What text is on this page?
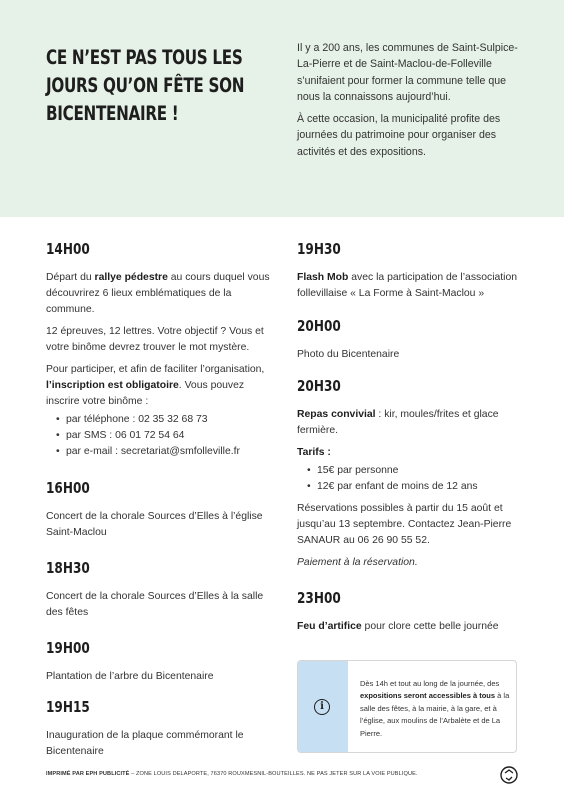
CE N’EST PAS TOUS LES JOURS QU’ON FÊTE SON BICENTENAIRE !

Il y a 200 ans, les communes de Saint-Sulpice-La-Pierre et de Saint-Maclou-de-Folleville s’unifaient pour former la commune telle que nous la connaissons aujourd’hui.

À cette occasion, la municipalité profite des journées du patrimoine pour organiser des activités et des expositions.

14H00

Départ du rallye pédestre au cours duquel vous découvrirez 6 lieux emblématiques de la commune.

12 épreuves, 12 lettres. Votre objectif ? Vous et votre binôme devrez trouver le mot mystère.

Pour participer, et afin de faciliter l’organisation, l’inscription est obligatoire. Vous pouvez inscrire votre binôme :

• par téléphone : 02 35 32 68 73
• par SMS : 06 01 72 54 64
• par e-mail : secretariat@smfolleville.fr
16H00

Concert de la chorale Sources d’Elles à l’église Saint-Maclou

18H30

Concert de la chorale Sources d’Elles à la salle des fêtes

19H00

Plantation de l’arbre du Bicentenaire

19H15

Inauguration de la plaque commémorant le Bicentenaire

19H30

Flash Mob avec la participation de l’association follevillaise « La Forme à Saint-Maclou »

20H00

Photo du Bicentenaire

20H30

Repas convivial : kir, moules/frites et glace fermière.

Tarifs :

• 15€ par personne
• 12€ par enfant de moins de 12 ans

Réservations possibles à partir du 15 août et jusqu’au 13 septembre. Contactez Jean-Pierre SANAUR au 06 26 90 55 52.

Paiement à la réservation.

23H00

Feu d’artifice pour clore cette belle journée

i
Dès 14h et tout au long de la journée, des expositions seront accessibles à tous à la salle des fêtes, à la mairie, à la gare, et à l’église, aux moulins de l’Arbalète et de La Pierre.
IMPRIMÉ PAR EPH PUBLICITÉ – ZONE LOUIS DELAPORTE, 76370 ROUXMESNIL-BOUTEILLES. NE PAS JETER SUR LA VOIE PUBLIQUE.
